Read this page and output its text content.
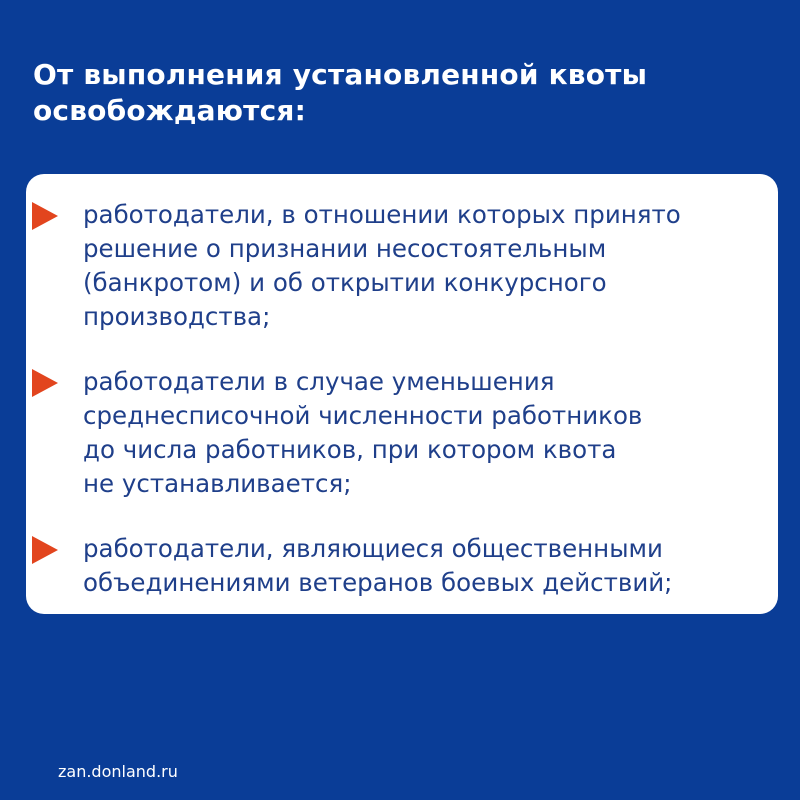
От выполнения установленной квоты
освобождаются:
работодатели, в отношении которых принято
решение о признании несостоятельным
(банкротом) и об открытии конкурсного
производства;
работодатели в случае уменьшения
среднесписочной численности работников
до числа работников, при котором квота
не устанавливается;
работодатели, являющиеся общественными
объединениями ветеранов боевых действий;
zan.donland.ru
